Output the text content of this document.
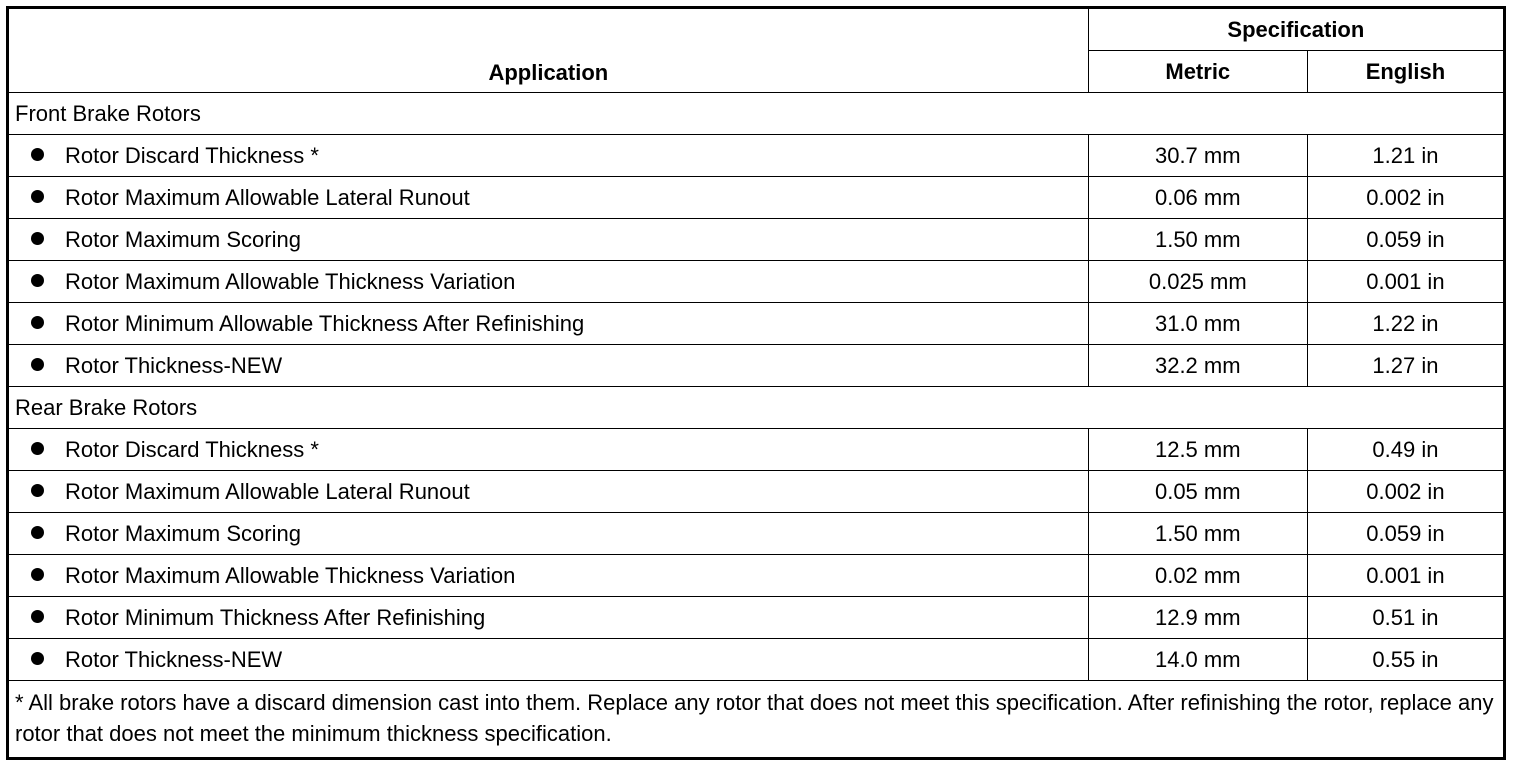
Application	Specification	
	Metric	English
Front Brake Rotors		
Rotor Discard Thickness *	30.7 mm	1.21 in
Rotor Maximum Allowable Lateral Runout	0.06 mm	0.002 in
Rotor Maximum Scoring	1.50 mm	0.059 in
Rotor Maximum Allowable Thickness Variation	0.025 mm	0.001 in
Rotor Minimum Allowable Thickness After Refinishing	31.0 mm	1.22 in
Rotor Thickness-NEW	32.2 mm	1.27 in
Rear Brake Rotors		
Rotor Discard Thickness *	12.5 mm	0.49 in
Rotor Maximum Allowable Lateral Runout	0.05 mm	0.002 in
Rotor Maximum Scoring	1.50 mm	0.059 in
Rotor Maximum Allowable Thickness Variation	0.02 mm	0.001 in
Rotor Minimum Thickness After Refinishing	12.9 mm	0.51 in
Rotor Thickness-NEW	14.0 mm	0.55 in
* All brake rotors have a discard dimension cast into them. Replace any rotor that does not meet this specification. After refinishing the rotor, replace any rotor that does not meet the minimum thickness specification.		
